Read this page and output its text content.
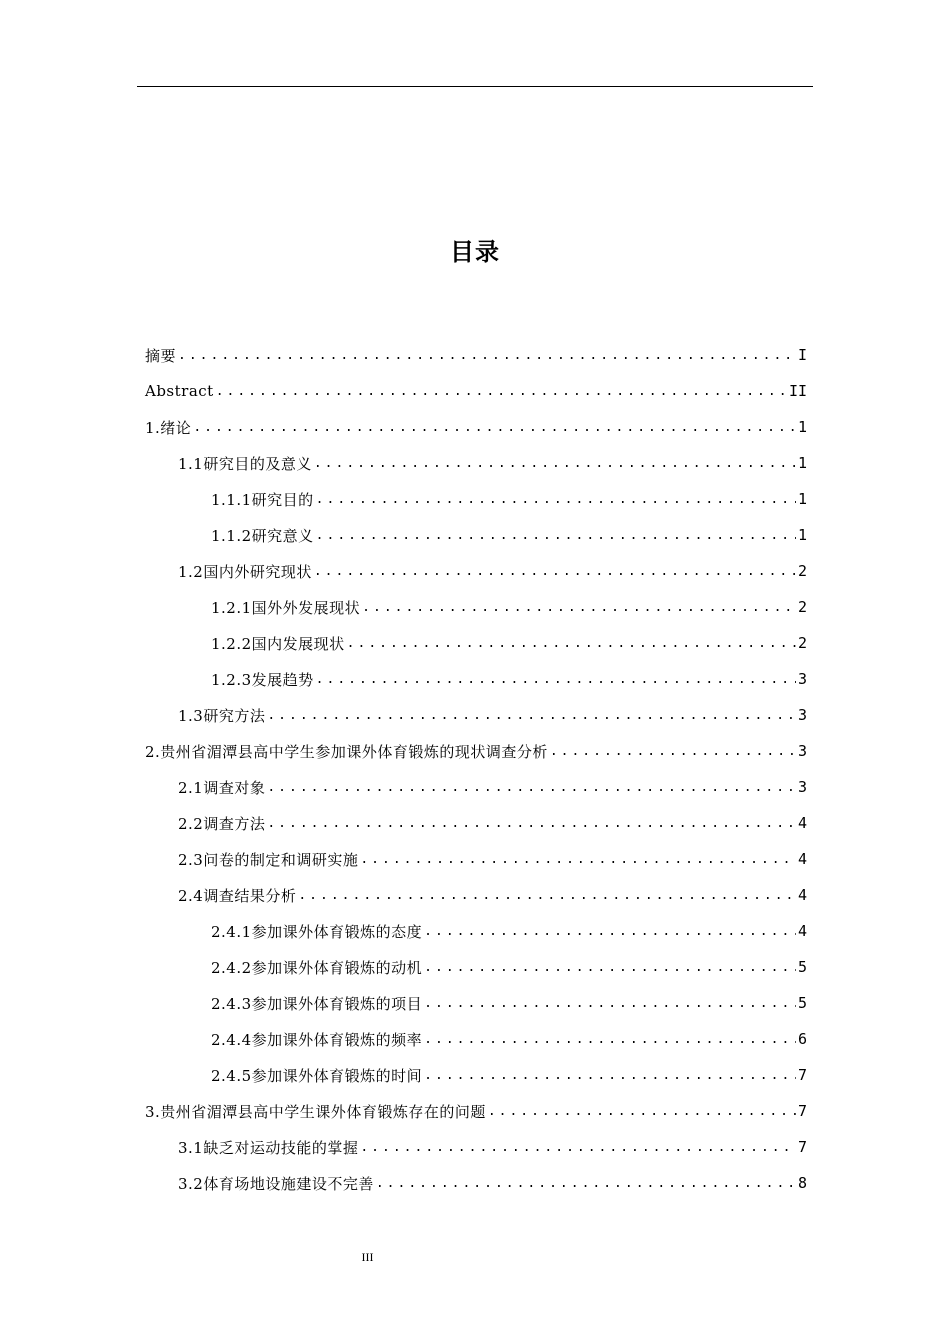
目录
摘要 .....	I
Abstract .....	II
1.绪论 .....	1
1.1研究目的及意义 .....	1
1.1.1研究目的 .....	1
1.1.2研究意义 .....	1
1.2国内外研究现状 .....	2
1.2.1国外外发展现状 .....	2
1.2.2国内发展现状 .....	2
1.2.3发展趋势 .....	3
1.3研究方法 .....	3
2.贵州省湄潭县高中学生参加课外体育锻炼的现状调查分析 .....	3
2.1调查对象 .....	3
2.2调查方法 .....	4
2.3问卷的制定和调研实施 .....	4
2.4调查结果分析 .....	4
2.4.1参加课外体育锻炼的态度 .....	4
2.4.2参加课外体育锻炼的动机 .....	5
2.4.3参加课外体育锻炼的项目 .....	5
2.4.4参加课外体育锻炼的频率 .....	6
2.4.5参加课外体育锻炼的时间 .....	7
3.贵州省湄潭县高中学生课外体育锻炼存在的问题 .....	7
3.1缺乏对运动技能的掌握 .....	7
3.2体育场地设施建设不完善 .....	8
III
